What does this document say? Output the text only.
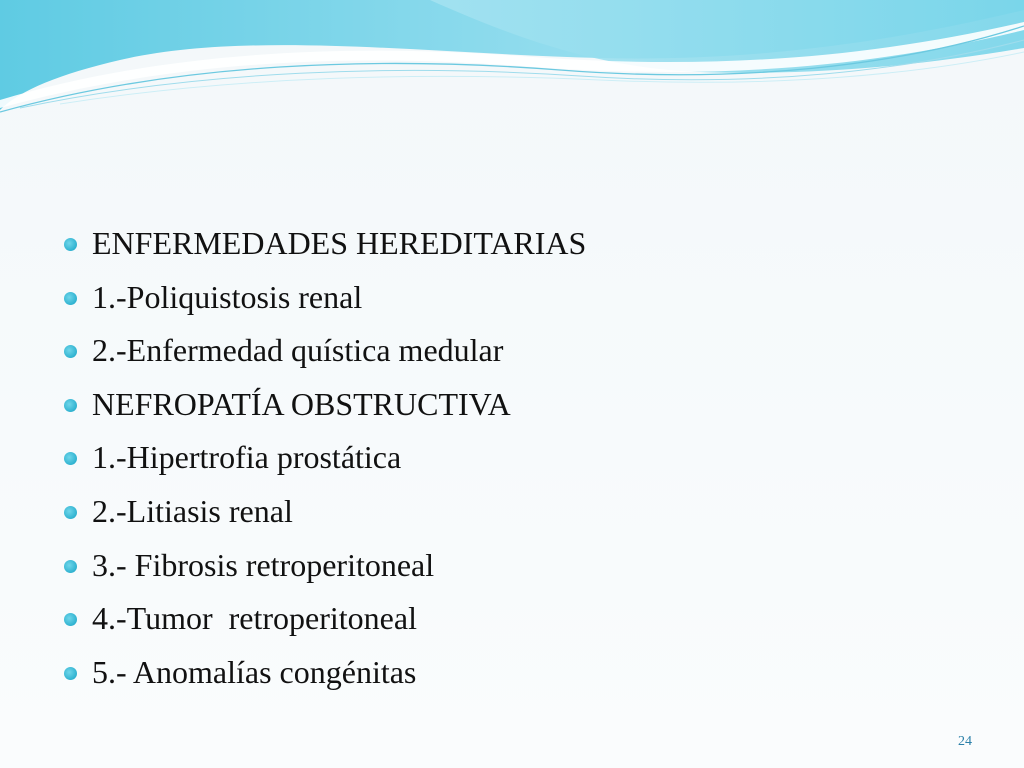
ENFERMEDADES HEREDITARIAS
1.-Poliquistosis renal
2.-Enfermedad quística medular
NEFROPATÍA OBSTRUCTIVA
1.-Hipertrofia prostática
2.-Litiasis renal
3.- Fibrosis retroperitoneal
4.-Tumor  retroperitoneal
5.- Anomalías congénitas
24
